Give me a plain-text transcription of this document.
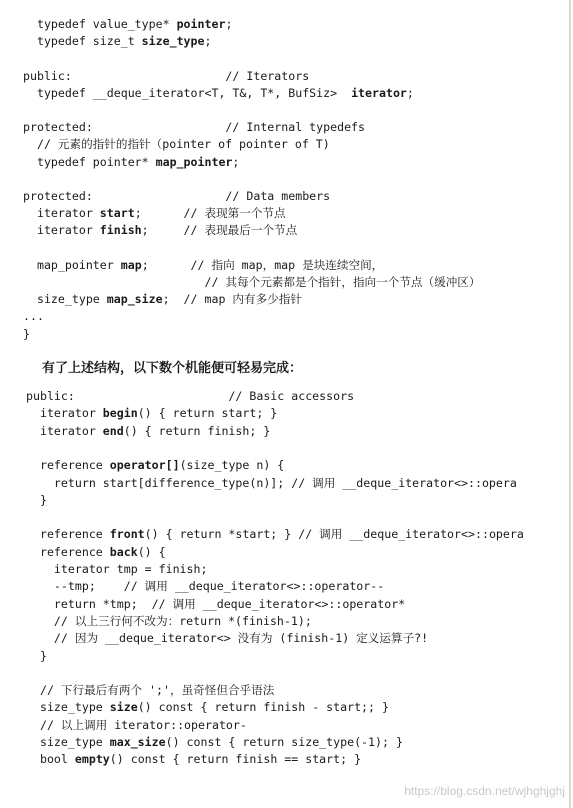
typedef value_type* pointer;
typedef size_t size_type;
public:                      // Iterators
typedef __deque_iterator<T, T&, T*, BufSiz>  iterator;
protected:                   // Internal typedefs
// 元素的指针的指针（pointer of pointer of T)
typedef pointer* map_pointer;
protected:                   // Data members
iterator start;      // 表现第一个节点
iterator finish;     // 表现最后一个节点
map_pointer map;      // 指向 map，map 是块连续空间，
// 其每个元素都是个指针，指向一个节点（缓冲区）
size_type map_size;  // map 内有多少指针
...
}
有了上述结构，以下数个机能便可轻易完成：
public:                      // Basic accessors
iterator begin() { return start; }
iterator end() { return finish; }
reference operator[](size_type n) {
return start[difference_type(n)]; // 调用 __deque_iterator<>::opera
}
reference front() { return *start; } // 调用 __deque_iterator<>::opera
reference back() {
iterator tmp = finish;
--tmp;    // 调用 __deque_iterator<>::operator--
return *tmp;  // 调用 __deque_iterator<>::operator*
// 以上三行何不改为：return *(finish-1);
// 因为 __deque_iterator<> 没有为 (finish-1) 定义运算子?!
}
// 下行最后有两个 ';'，虽奇怪但合乎语法
size_type size() const { return finish - start;; }
// 以上调用 iterator::operator-
size_type max_size() const { return size_type(-1); }
bool empty() const { return finish == start; }
https://blog.csdn.net/wjhghjghj
